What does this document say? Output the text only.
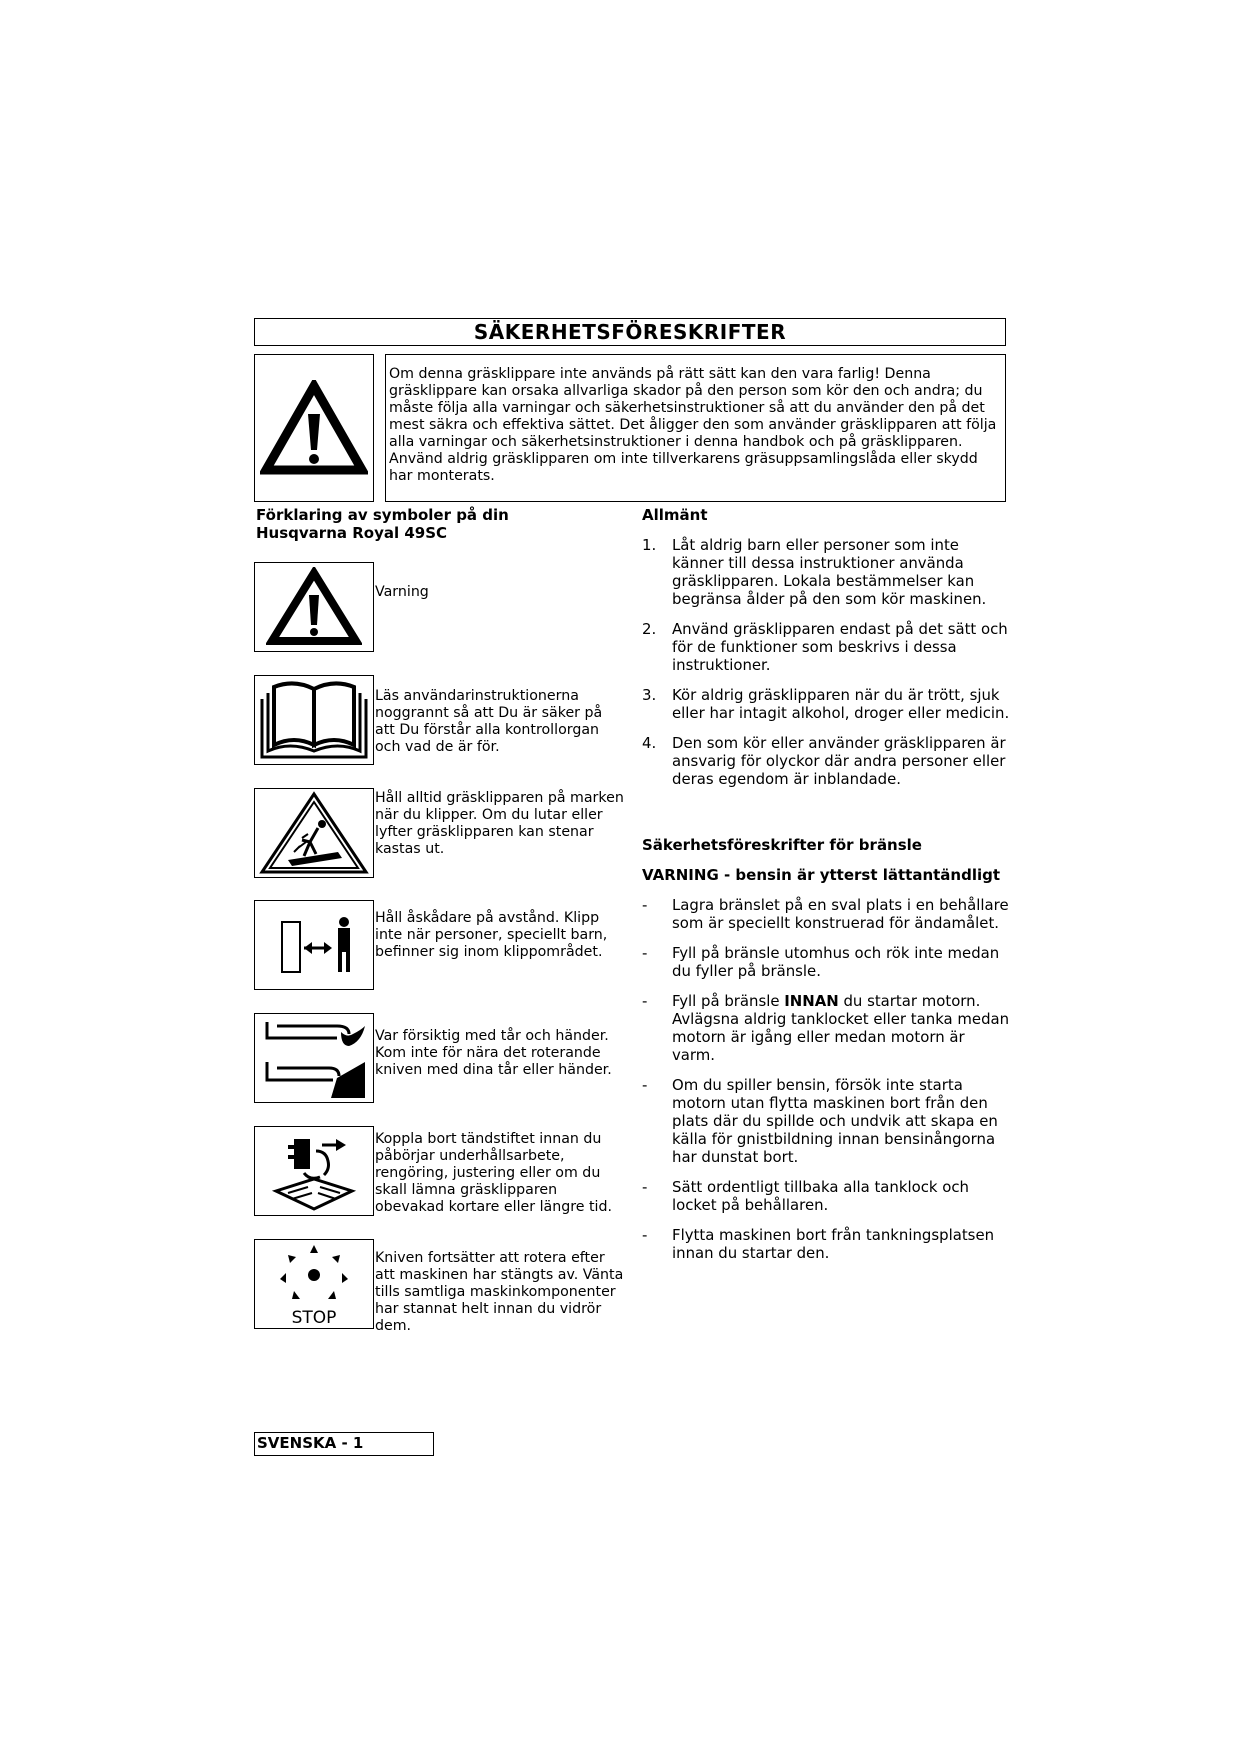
SÄKERHETSFÖRESKRIFTER
Om denna gräsklippare inte används på rätt sätt kan den vara farlig! Denna gräsklippare kan orsaka allvarliga skador på den person som kör den och andra; du måste följa alla varningar och säkerhetsinstruktioner så att du använder den på det mest säkra och effektiva sättet. Det åligger den som använder gräsklipparen att följa alla varningar och säkerhetsinstruktioner i denna handbok och på gräsklipparen. Använd aldrig gräsklipparen om inte tillverkarens gräsuppsamlingslåda eller skydd har monterats.
Förklaring av symboler på din
Husqvarna Royal 49SC
Varning
Läs användarinstruktionerna noggrannt så att Du är säker på att Du förstår alla kontrollorgan och vad de är för.
Håll alltid gräsklipparen på marken när du klipper. Om du lutar eller lyfter gräsklipparen kan stenar kastas ut.
Håll åskådare på avstånd. Klipp inte när personer, speciellt barn, befinner sig inom klippområdet.
Var försiktig med tår och händer. Kom inte för nära det roterande kniven med dina tår eller händer.
Koppla bort tändstiftet innan du påbörjar underhållsarbete, rengöring, justering eller om du skall lämna gräsklipparen obevakad kortare eller längre tid.
STOP
Kniven fortsätter att rotera efter att maskinen har stängts av. Vänta tills samtliga maskinkomponenter har stannat helt innan du vidrör dem.
Allmänt
1. Låt aldrig barn eller personer som inte känner till dessa instruktioner använda gräsklipparen. Lokala bestämmelser kan begränsa ålder på den som kör maskinen.
2. Använd gräsklipparen endast på det sätt och för de funktioner som beskrivs i dessa instruktioner.
3. Kör aldrig gräsklipparen när du är trött, sjuk eller har intagit alkohol, droger eller medicin.
4. Den som kör eller använder gräsklipparen är ansvarig för olyckor där andra personer eller deras egendom är inblandade.
Säkerhetsföreskrifter för bränsle
VARNING - bensin är ytterst lättantändligt
- Lagra bränslet på en sval plats i en behållare som är speciellt konstruerad för ändamålet.
- Fyll på bränsle utomhus och rök inte medan du fyller på bränsle.
- Fyll på bränsle INNAN du startar motorn. Avlägsna aldrig tanklocket eller tanka medan motorn är igång eller medan motorn är varm.
- Om du spiller bensin, försök inte starta motorn utan flytta maskinen bort från den plats där du spillde och undvik att skapa en källa för gnistbildning innan bensinångorna har dunstat bort.
- Sätt ordentligt tillbaka alla tanklock och locket på behållaren.
- Flytta maskinen bort från tankningsplatsen innan du startar den.
SVENSKA - 1
